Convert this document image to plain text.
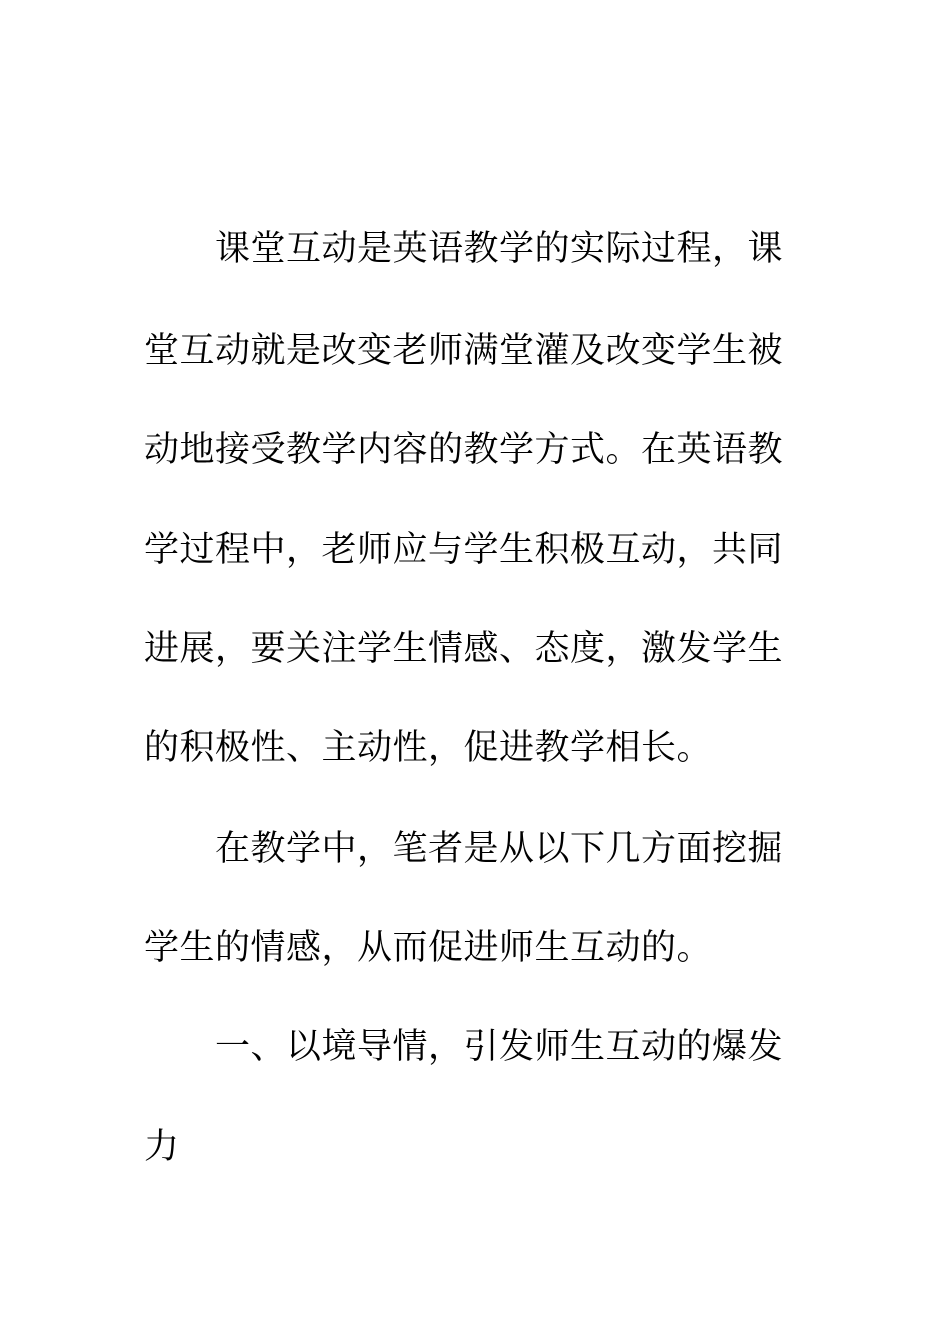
课堂互动是英语教学的实际过程，课
堂互动就是改变老师满堂灌及改变学生被
动地接受教学内容的教学方式。在英语教
学过程中，老师应与学生积极互动，共同
进展，要关注学生情感、态度，激发学生
的积极性、主动性，促进教学相长。
在教学中，笔者是从以下几方面挖掘
学生的情感，从而促进师生互动的。
一、以境导情，引发师生互动的爆发
力
